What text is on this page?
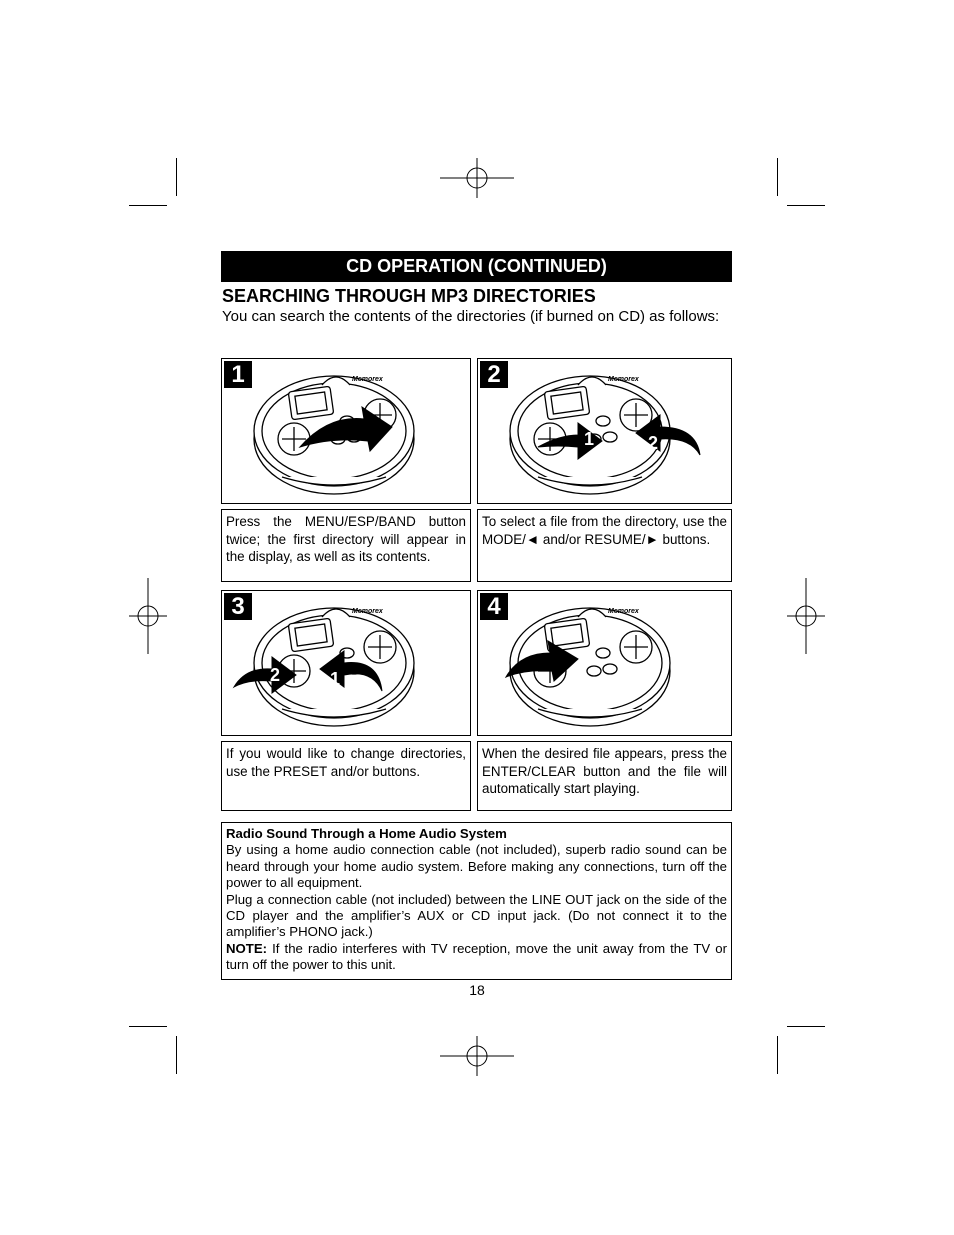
CD OPERATION (CONTINUED)
SEARCHING THROUGH MP3 DIRECTORIES
You can search the contents of the directories (if burned on CD) as follows:
1	Memorex
Press the MENU/ESP/BAND button twice; the first directory will appear in the display, as well as its contents.
2	Memorex
1	2
To select a file from the directory, use the MODE/◄ and/or RESUME/► buttons.
3	Memorex
2	1
If you would like to change directories, use the PRESET and/or buttons.
4	Memorex
When the desired file appears, press the ENTER/CLEAR button and the file will automatically start playing.

Radio Sound Through a Home Audio System

By using a home audio connection cable (not included), superb radio sound can be heard through your home audio system. Before making any connections, turn off the power to all equipment.

Plug a connection cable (not included) between the LINE OUT jack on the side of the CD player and the amplifier’s AUX or CD input jack. (Do not connect it to the amplifier’s PHONO jack.)

NOTE: If the radio interferes with TV reception, move the unit away from the TV or turn off the power to this unit.

18
